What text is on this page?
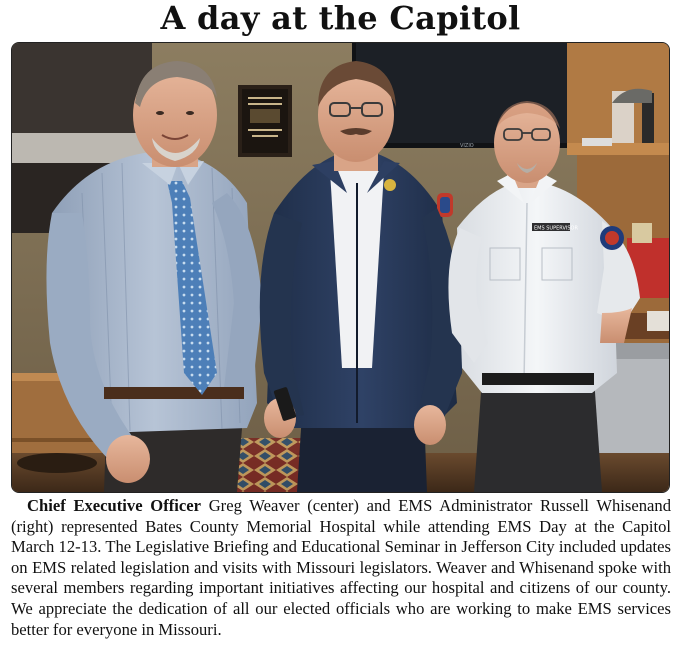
A day at the Capitol
VIZIO
EMS SUPERVISOR
Chief Executive Officer Greg Weaver (center) and EMS Administrator Russell Whisenand (right) represented Bates County Memorial Hospital while attending EMS Day at the Capitol March 12-13. The Legislative Briefing and Educational Seminar in Jefferson City included updates on EMS related legislation and visits with Missouri legislators. Weaver and Whisenand spoke with several members regarding important initiatives affecting our hospital and citizens of our county. We appreciate the dedication of all our elected officials who are working to make EMS services better for everyone in Missouri.
